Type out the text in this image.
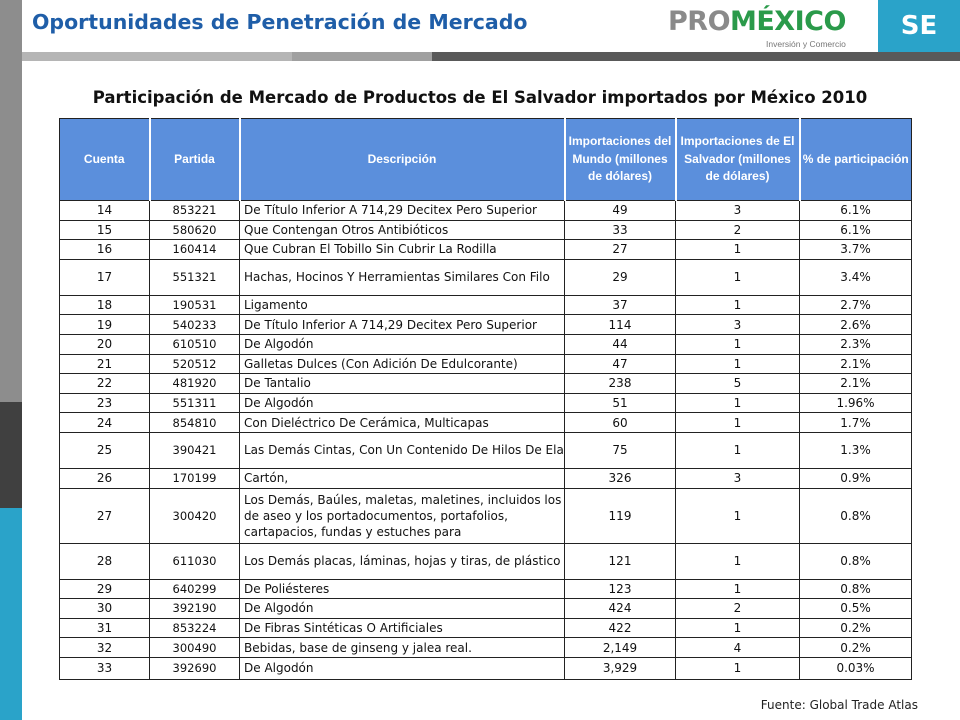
Oportunidades de Penetración de Mercado	PRO MÉXICO
Inversión y Comercio
SE
Participación de Mercado de Productos de El Salvador importados por México 2010
Cuenta	Partida	Descripción	Importaciones del Mundo (millones de dólares)	Importaciones de El Salvador (millones de dólares)	% de participación
14	853221	De Título Inferior A 714,29 Decitex Pero Superior	49	3	6.1%
15	580620	Que Contengan Otros Antibióticos	33	2	6.1%
16	160414	Que Cubran El Tobillo Sin Cubrir La Rodilla	27	1	3.7%
17	551321	Hachas, Hocinos Y Herramientas Similares Con Filo	29	1	3.4%
18	190531	Ligamento	37	1	2.7%
19	540233	De Título Inferior A 714,29 Decitex Pero Superior	114	3	2.6%
20	610510	De Algodón	44	1	2.3%
21	520512	Galletas Dulces (Con Adición De Edulcorante)	47	1	2.1%
22	481920	De Tantalio	238	5	2.1%
23	551311	De Algodón	51	1	1.96%
24	854810	Con Dieléctrico De Cerámica, Multicapas	60	1	1.7%
25	390421	Las Demás Cintas, Con Un Contenido De Hilos De Ela	75	1	1.3%
26	170199	Cartón,	326	3	0.9%
27	300420	Los Demás, Baúles, maletas, maletines, incluidos los de aseo y los portadocumentos, portafolios, cartapacios, fundas y estuches para	119	1	0.8%
28	611030	Los Demás placas, láminas, hojas y tiras, de plástico	121	1	0.8%
29	640299	De Poliésteres	123	1	0.8%
30	392190	De Algodón	424	2	0.5%
31	853224	De Fibras Sintéticas O Artificiales	422	1	0.2%
32	300490	Bebidas, base de ginseng y jalea real.	2,149	4	0.2%
33	392690	De Algodón	3,929	1	0.03%

Fuente: Global Trade Atlas
